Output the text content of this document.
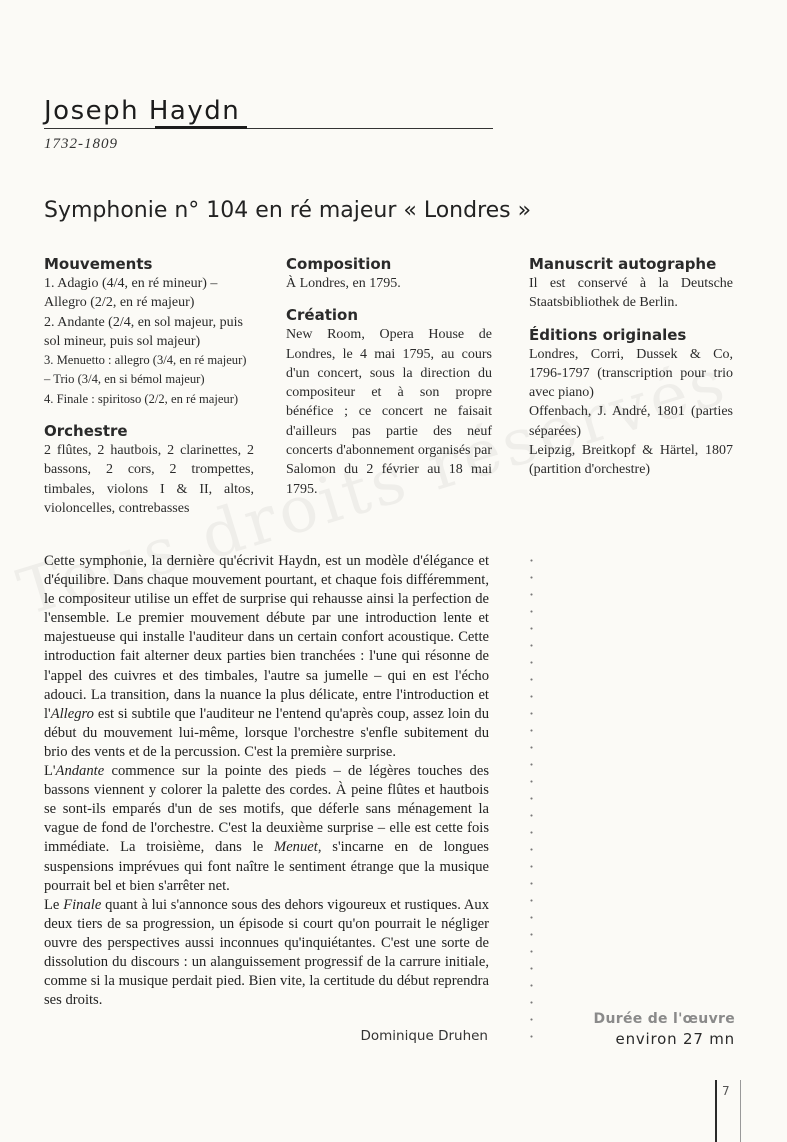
Joseph Haydn
1732-1809
Symphonie n° 104 en ré majeur « Londres »
Mouvements

1. Adagio (4/4, en ré mineur) – Allegro (2/2, en ré majeur)

2. Andante (2/4, en sol majeur, puis sol mineur, puis sol majeur)

3. Menuetto : allegro (3/4, en ré majeur) – Trio (3/4, en si bémol majeur)

4. Finale : spiritoso (2/2, en ré majeur)

Orchestre

2 flûtes, 2 hautbois, 2 clarinettes, 2 bassons, 2 cors, 2 trompettes, timbales, violons I & II, altos, violoncelles, contrebasses

Composition

À Londres, en 1795.

Création

New Room, Opera House de Londres, le 4 mai 1795, au cours d'un concert, sous la direction du compositeur et à son propre bénéfice ; ce concert ne faisait d'ailleurs pas partie des neuf concerts d'abonnement organisés par Salomon du 2 février au 18 mai 1795.

Manuscrit autographe

Il est conservé à la Deutsche Staatsbibliothek de Berlin.

Éditions originales

Londres, Corri, Dussek & Co, 1796-1797 (transcription pour trio avec piano)

Offenbach, J. André, 1801 (parties séparées)

Leipzig, Breitkopf & Härtel, 1807 (partition d'orchestre)

Cette symphonie, la dernière qu'écrivit Haydn, est un modèle d'élégance et d'équilibre. Dans chaque mouvement pourtant, et chaque fois différemment, le compositeur utilise un effet de surprise qui rehausse ainsi la perfection de l'ensemble. Le premier mouvement débute par une introduction lente et majestueuse qui installe l'auditeur dans un certain confort acoustique. Cette introduction fait alterner deux parties bien tranchées : l'une qui résonne de l'appel des cuivres et des timbales, l'autre sa jumelle – qui en est l'écho adouci. La transition, dans la nuance la plus délicate, entre l'introduction et l'Allegro est si subtile que l'auditeur ne l'entend qu'après coup, assez loin du début du mouvement lui-même, lorsque l'orchestre s'enfle subitement du brio des vents et de la percussion. C'est la première surprise.

L'Andante commence sur la pointe des pieds – de légères touches des bassons viennent y colorer la palette des cordes. À peine flûtes et hautbois se sont-ils emparés d'un de ses motifs, que déferle sans ménagement la vague de fond de l'orchestre. C'est la deuxième surprise – elle est cette fois immédiate. La troisième, dans le Menuet, s'incarne en de longues suspensions imprévues qui font naître le sentiment étrange que la musique pourrait bel et bien s'arrêter net.

Le Finale quant à lui s'annonce sous des dehors vigoureux et rustiques. Aux deux tiers de sa progression, un épisode si court qu'on pourrait le négliger ouvre des perspectives aussi inconnues qu'inquiétantes. C'est une sorte de dissolution du discours : un alanguissement progressif de la carrure initiale, comme si la musique perdait pied. Bien vite, la certitude du début reprendra ses droits.

Dominique Druhen
Durée de l'œuvre
environ 27 mn
7
